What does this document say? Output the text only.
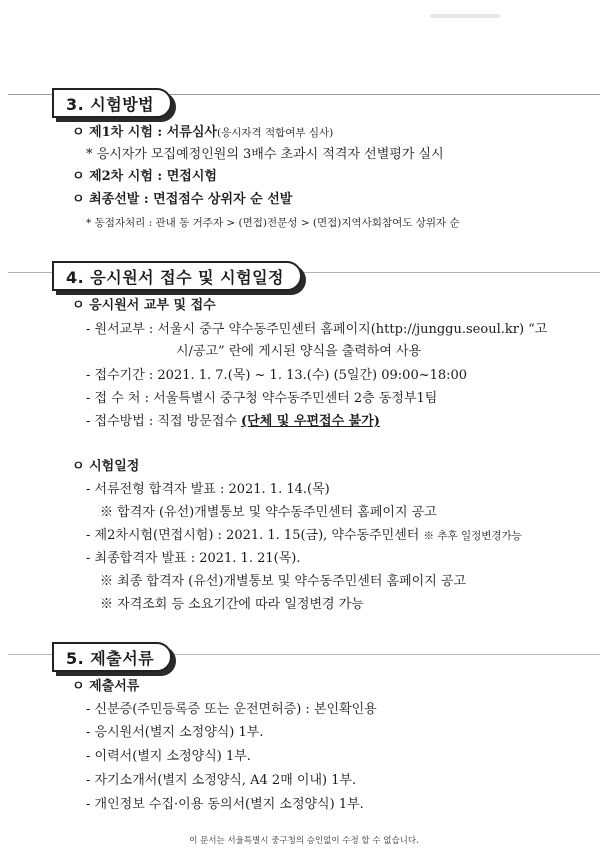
3. 시험방법
ㅇ 제1차 시험 : 서류심사(응시자격 적합여부 심사)
* 응시자가 모집예정인원의 3배수 초과시 적격자 선별평가 실시
ㅇ 제2차 시험 : 면접시험
ㅇ 최종선발 : 면접점수 상위자 순 선발
* 동점자처리 : 관내 동 거주자 > (면접)전문성 > (면접)지역사회참여도 상위자 순
4. 응시원서 접수 및 시험일정
ㅇ 응시원서 교부 및 접수
- 원서교부 : 서울시 중구 약수동주민센터 홈페이지(http://junggu.seoul.kr) “고
시/공고” 란에 게시된 양식을 출력하여 사용
- 접수기간 : 2021. 1. 7.(목) ~ 1. 13.(수) (5일간) 09:00~18:00
- 접 수 처 : 서울특별시 중구청 약수동주민센터 2층 동정부1팀
- 접수방법 : 직접 방문접수 (단체 및 우편접수 불가)
ㅇ 시험일정
- 서류전형 합격자 발표 : 2021. 1. 14.(목)
※ 합격자 (유선)개별통보 및 약수동주민센터 홈페이지 공고
- 제2차시험(면접시험) : 2021. 1. 15(금), 약수동주민센터 ※ 추후 일정변경가능
- 최종합격자 발표 : 2021. 1. 21(목).
※ 최종 합격자 (유선)개별통보 및 약수동주민센터 홈페이지 공고
※ 자격조회 등 소요기간에 따라 일정변경 가능
5. 제출서류
ㅇ 제출서류
- 신분증(주민등록증 또는 운전면허증) : 본인확인용
- 응시원서(별지 소정양식) 1부.
- 이력서(별지 소정양식) 1부.
- 자기소개서(별지 소정양식, A4 2매 이내) 1부.
- 개인정보 수집·이용 동의서(별지 소정양식) 1부.
이 문서는 서울특별시 중구청의 승인없이 수정 할 수 없습니다.
